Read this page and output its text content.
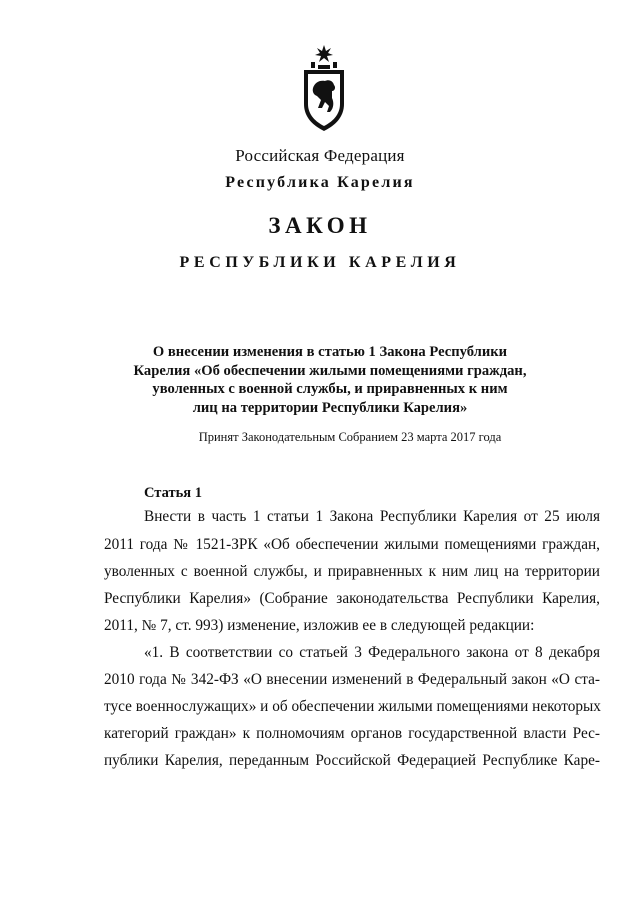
Российская Федерация
Республика Карелия
ЗАКОН
РЕСПУБЛИКИ КАРЕЛИЯ
О внесении изменения в статью 1 Закона Республики
Карелия «Об обеспечении жилыми помещениями граждан,
уволенных с военной службы, и приравненных к ним
лиц на территории Республики Карелия»
Принят Законодательным Собранием 23 марта 2017 года
Статья 1
Внести в часть 1 статьи 1 Закона Республики Карелия от 25 июля
2011 года № 1521-ЗРК «Об обеспечении жилыми помещениями граждан,
уволенных с военной службы, и приравненных к ним лиц на территории
Республики Карелия» (Собрание законодательства Республики Карелия,
2011, № 7, ст. 993) изменение, изложив ее в следующей редакции:
«1. В соответствии со статьей 3 Федерального закона от 8 декабря
2010 года № 342-ФЗ «О внесении изменений в Федеральный закон «О ста-
тусе военнослужащих» и об обеспечении жилыми помещениями некоторых
категорий граждан» к полномочиям органов государственной власти Рес-
публики Карелия, переданным Российской Федерацией Республике Каре-
